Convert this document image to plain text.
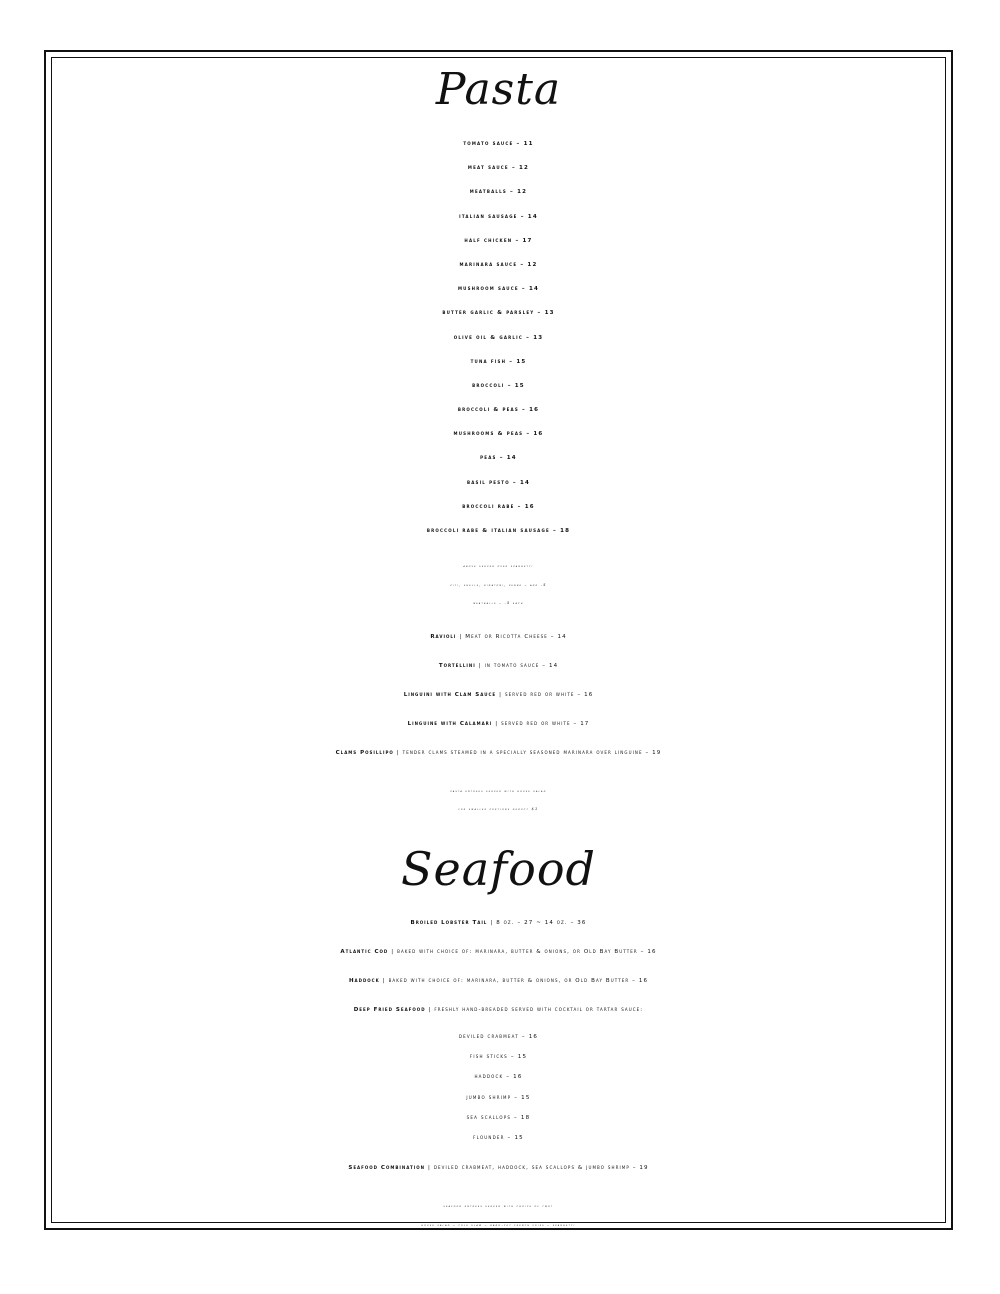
Pasta
tomato sauce – 11
meat sauce – 12
meatballs – 12
italian sausage – 14
half chicken – 17
marinara sauce – 12
mushroom sauce – 14
butter garlic & parsley – 13
olive oil & garlic – 13
tuna fish – 15
broccoli – 15
broccoli & peas – 16
mushrooms & peas – 16
peas – 14
basil pesto – 14
broccoli rabe – 16
broccoli rabe & italian sausage – 18
above served over spaghetti
ziti, shells, rigatoni, penne – add .5
meatballs – .5 each
Ravioli | Meat or Ricotta Cheese – 14
Tortellini | in tomato sauce – 14
Linguini with Clam Sauce | served red or white – 16
Linguine with Calamari | served red or white – 17
Clams Posillipo | tender clams steamed in a specially seasoned marinara over linguine – 19
pasta entrees served with house salad
for smaller portions deduct $1
Seafood
Broiled Lobster Tail | 8 oz. – 27 ~ 14 oz. – 36
Atlantic Cod | baked with choice of: marinara, butter & onions, or Old Bay Butter – 16
Haddock | baked with choice of: marinara, butter & onions, or Old Bay Butter – 16
Deep Fried Seafood | freshly hand-breaded served with cocktail or tartar sauce:
deviled crabmeat – 16
fish sticks – 15
haddock – 16
jumbo shrimp – 15
sea scallops – 18
flounder – 15
Seafood Combination | deviled crabmeat, haddock, sea scallops & jumbo shrimp – 19
seafood entrees served with choice of two:
house salad – cole slaw – hand-cut french fries – spaghetti
